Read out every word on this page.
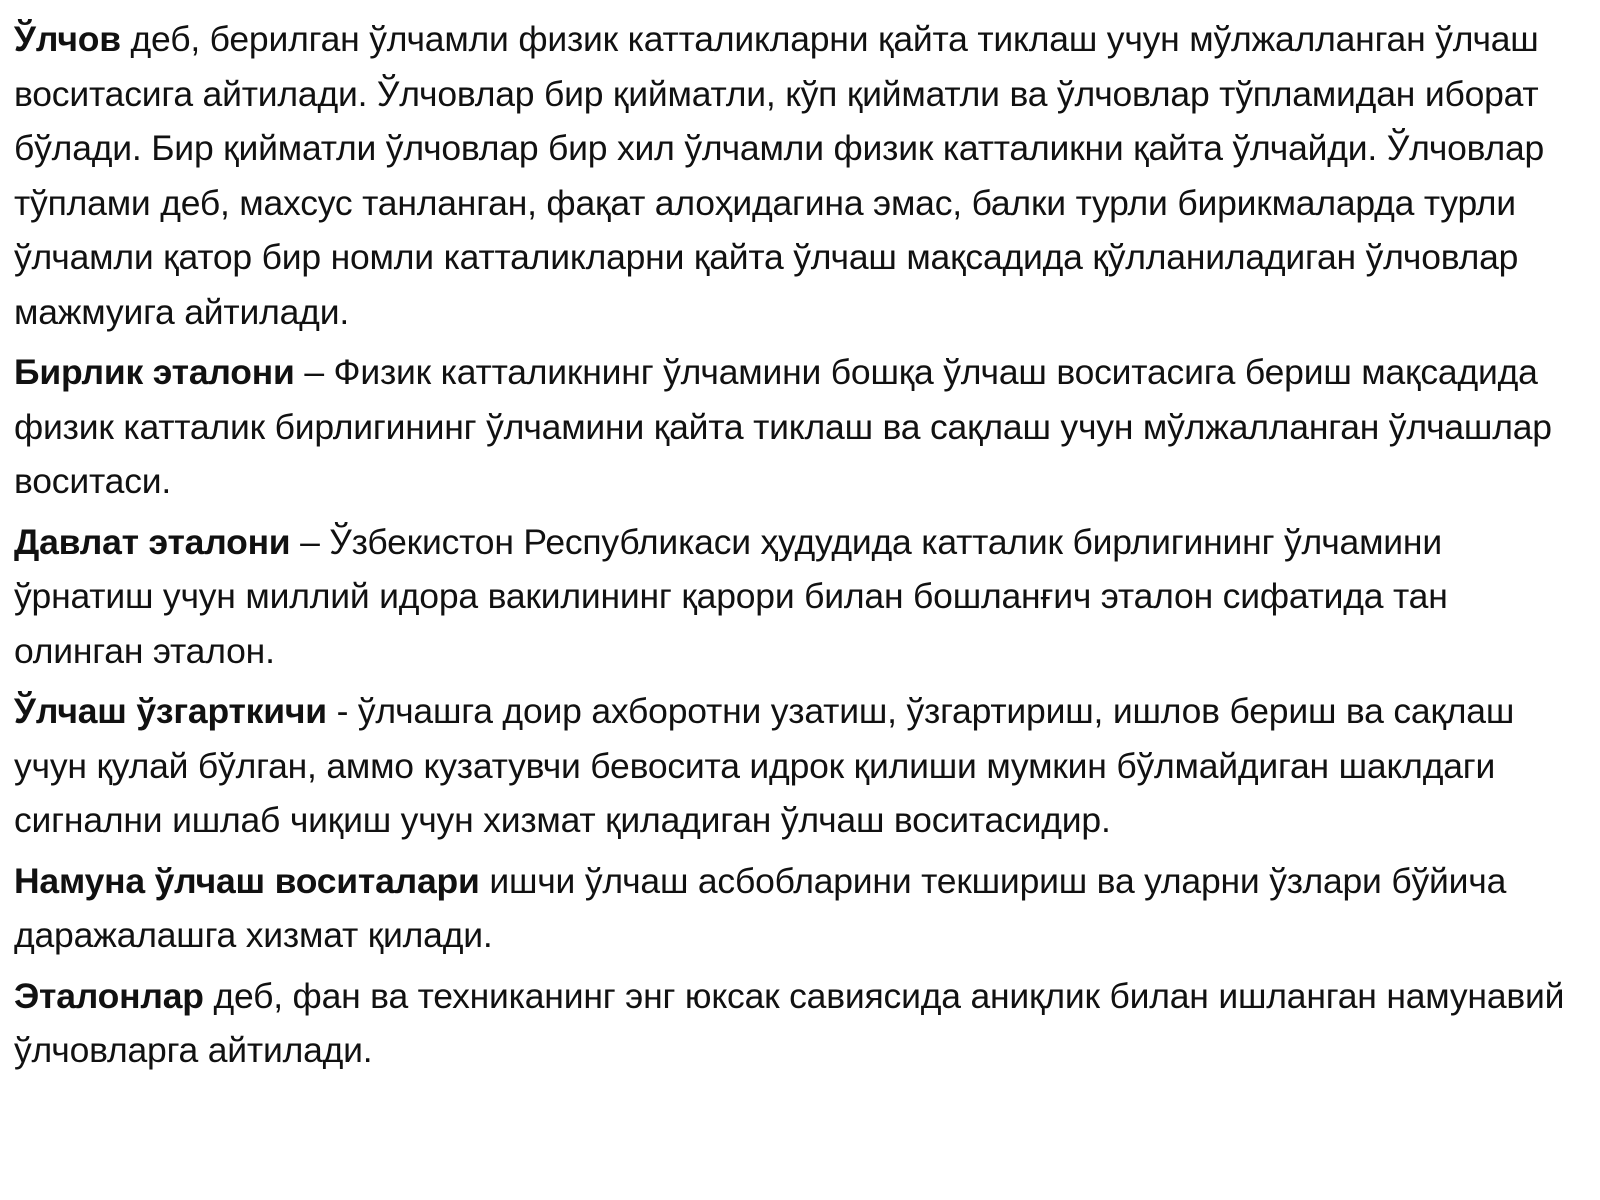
Ўлчов деб, берилган ўлчамли физик катталикларни қайта тиклаш учун мўлжалланган ўлчаш воситасига айтилади. Ўлчовлар бир қийматли, кўп қийматли ва ўлчовлар тўпламидан иборат бўлади. Бир қийматли ўлчовлар бир хил ўлчамли физик катталикни қайта ўлчайди. Ўлчовлар тўплами деб, махсус танланган, фақат алоҳидагина эмас, балки турли бирикмаларда турли ўлчамли қатор бир номли катталикларни қайта ўлчаш мақсадида қўлланиладиган ўлчовлар мажмуига айтилади.

Бирлик эталони – Физик катталикнинг ўлчамини бошқа ўлчаш воситасига бериш мақсадида физик катталик бирлигининг ўлчамини қайта тиклаш ва сақлаш учун мўлжалланган ўлчашлар воситаси.

Давлат эталони – Ўзбекистон Республикаси ҳудудида катталик бирлигининг ўлчамини ўрнатиш учун миллий идора вакилининг қарори билан бошланғич эталон сифатида тан олинган эталон.

Ўлчаш ўзгарткичи - ўлчашга доир ахборотни узатиш, ўзгартириш, ишлов бериш ва сақлаш учун қулай бўлган, аммо кузатувчи бевосита идрок қилиши мумкин бўлмайдиган шаклдаги сигнални ишлаб чиқиш учун хизмат қиладиган ўлчаш воситасидир.

Намуна ўлчаш воситалари ишчи ўлчаш асбобларини текшириш ва уларни ўзлари бўйича даражалашга хизмат қилади.

Эталонлар деб, фан ва техниканинг энг юксак савиясида аниқлик билан ишланган намунавий ўлчовларга айтилади.
